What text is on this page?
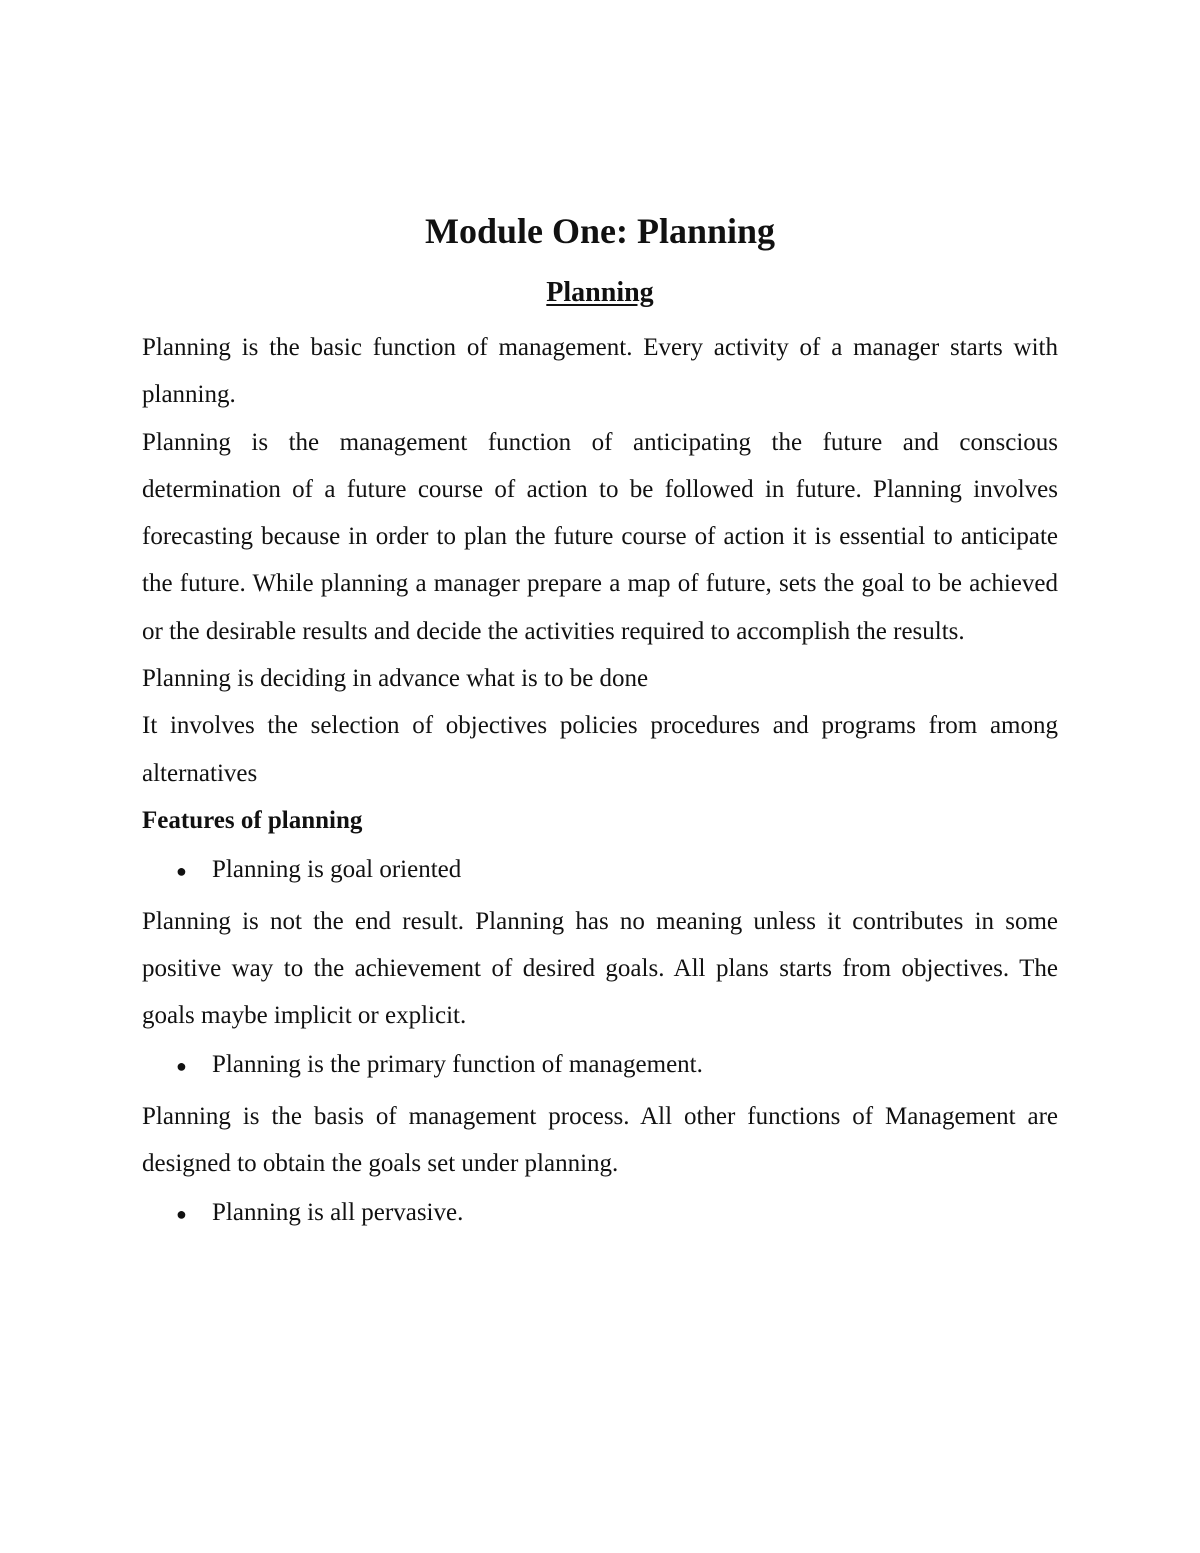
Module One: Planning
Planning

Planning is the basic function of management. Every activity of a manager starts with planning.

Planning is the management function of anticipating the future and conscious determination of a future course of action to be followed in future. Planning involves forecasting because in order to plan the future course of action it is essential to anticipate the future. While planning a manager prepare a map of future, sets the goal to be achieved or the desirable results and decide the activities required to accomplish the results.

Planning is deciding in advance what is to be done

It involves the selection of objectives policies procedures and programs from among alternatives

Features of planning

●	Planning is goal oriented

Planning is not the end result. Planning has no meaning unless it contributes in some positive way to the achievement of desired goals. All plans starts from objectives. The goals maybe implicit or explicit.

●	Planning is the primary function of management.

Planning is the basis of management process. All other functions of Management are designed to obtain the goals set under planning.

●	Planning is all pervasive.
